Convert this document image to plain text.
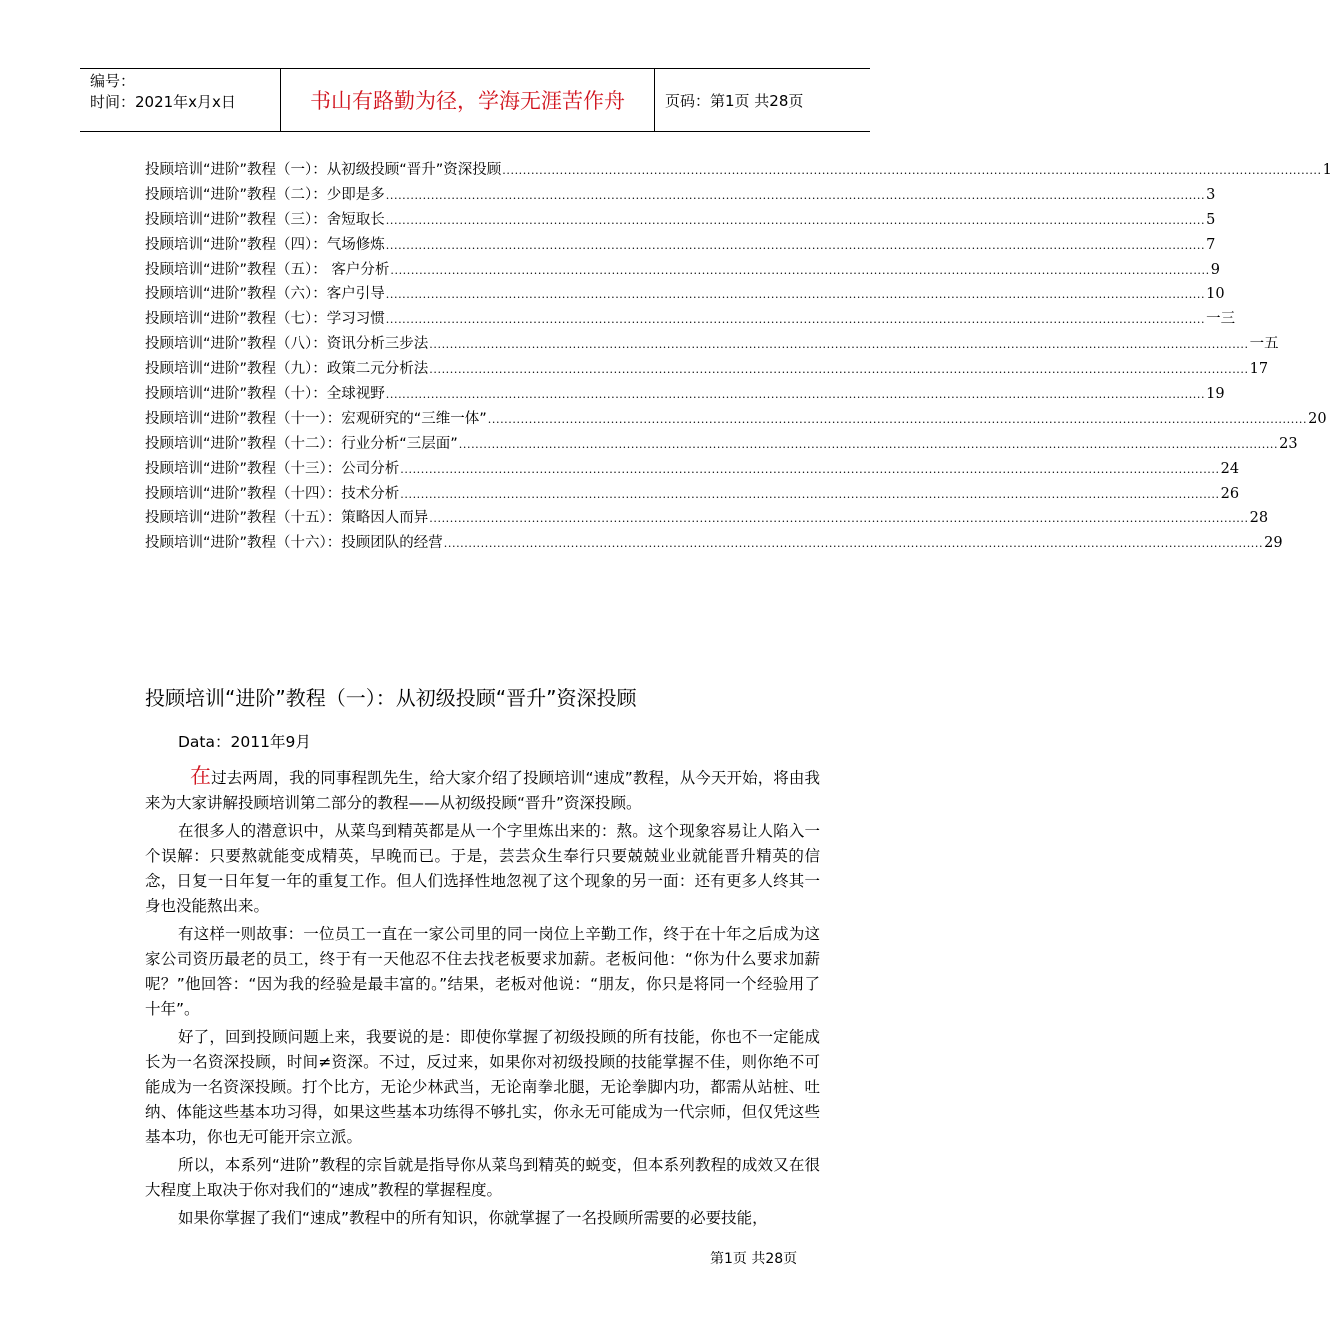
编号：
时间：2021年x月x日	书山有路勤为径，学海无涯苦作舟	页码：第1页 共28页
投顾培训“进阶”教程（一）：从初级投顾“晋升”资深投顾 ........................................................................................................................................................................................................ 1
投顾培训“进阶”教程（二）：少即是多 ........................................................................................................................................................................................................ 3
投顾培训“进阶”教程（三）：舍短取长 ........................................................................................................................................................................................................ 5
投顾培训“进阶”教程（四）：气场修炼 ........................................................................................................................................................................................................ 7
投顾培训“进阶”教程（五）： 客户分析 ........................................................................................................................................................................................................ 9
投顾培训“进阶”教程（六）：客户引导 ........................................................................................................................................................................................................ 10
投顾培训“进阶”教程（七）：学习习惯 ........................................................................................................................................................................................................ 一三
投顾培训“进阶”教程（八）：资讯分析三步法 ........................................................................................................................................................................................................ 一五
投顾培训“进阶”教程（九）：政策二元分析法 ........................................................................................................................................................................................................ 17
投顾培训“进阶”教程（十）：全球视野 ........................................................................................................................................................................................................ 19
投顾培训“进阶”教程（十一）：宏观研究的“三维一体” ........................................................................................................................................................................................................ 20
投顾培训“进阶”教程（十二）：行业分析“三层面” ........................................................................................................................................................................................................ 23
投顾培训“进阶”教程（十三）：公司分析 ........................................................................................................................................................................................................ 24
投顾培训“进阶”教程（十四）：技术分析 ........................................................................................................................................................................................................ 26
投顾培训“进阶”教程（十五）：策略因人而异 ........................................................................................................................................................................................................ 28
投顾培训“进阶”教程（十六）：投顾团队的经营 ........................................................................................................................................................................................................ 29
投顾培训“进阶”教程（一）：从初级投顾“晋升”资深投顾
Data：2011年9月

在过去两周，我的同事程凯先生，给大家介绍了投顾培训“速成”教程，从今天开始，将由我来为大家讲解投顾培训第二部分的教程——从初级投顾“晋升”资深投顾。

在很多人的潜意识中，从菜鸟到精英都是从一个字里炼出来的：熬。这个现象容易让人陷入一个误解：只要熬就能变成精英，早晚而已。于是，芸芸众生奉行只要兢兢业业就能晋升精英的信念，日复一日年复一年的重复工作。但人们选择性地忽视了这个现象的另一面：还有更多人终其一身也没能熬出来。

有这样一则故事：一位员工一直在一家公司里的同一岗位上辛勤工作，终于在十年之后成为这家公司资历最老的员工，终于有一天他忍不住去找老板要求加薪。老板问他：“你为什么要求加薪呢？”他回答：“因为我的经验是最丰富的。”结果，老板对他说：“朋友，你只是将同一个经验用了十年”。

好了，回到投顾问题上来，我要说的是：即使你掌握了初级投顾的所有技能，你也不一定能成长为一名资深投顾，时间≠资深。不过，反过来，如果你对初级投顾的技能掌握不佳，则你绝不可能成为一名资深投顾。打个比方，无论少林武当，无论南拳北腿，无论拳脚内功，都需从站桩、吐纳、体能这些基本功习得，如果这些基本功练得不够扎实，你永无可能成为一代宗师，但仅凭这些基本功，你也无可能开宗立派。

所以，本系列“进阶”教程的宗旨就是指导你从菜鸟到精英的蜕变，但本系列教程的成效又在很大程度上取决于你对我们的“速成”教程的掌握程度。

如果你掌握了我们“速成”教程中的所有知识，你就掌握了一名投顾所需要的必要技能，

第1页 共28页
